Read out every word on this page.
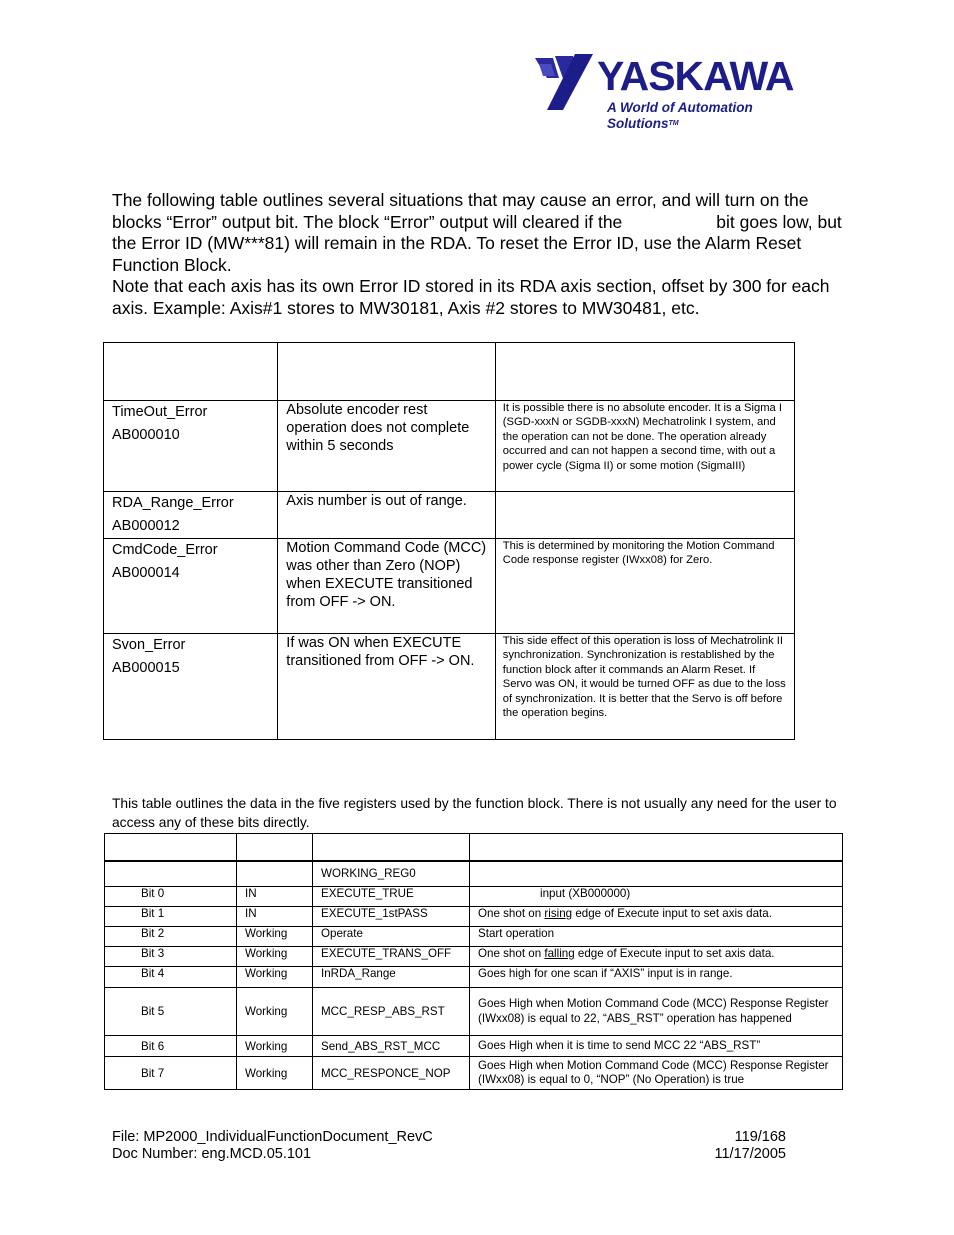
YASKAWA
A World of Automation Solutions™

The following table outlines several situations that may cause an error, and will turn on the blocks “Error” output bit. The block “Error” output will cleared if the	bit goes low, but the Error ID (MW***81) will remain in the RDA. To reset the Error ID, use the Alarm Reset Function Block.

Note that each axis has its own Error ID stored in its RDA axis section, offset by 300 for each axis. Example: Axis#1 stores to MW30181, Axis #2 stores to MW30481, etc.

TimeOut_Error
AB000010	Absolute encoder rest operation does not complete within 5 seconds	It is possible there is no absolute encoder. It is a Sigma I (SGD-xxxN or SGDB-xxxN) Mechatrolink I system, and the operation can not be done. The operation already occurred and can not happen a second time, with out a power cycle (Sigma II) or some motion (SigmaIII)

RDA_Range_Error
AB000012	Axis number is out of range.	

CmdCode_Error
AB000014	Motion Command Code (MCC) was other than Zero (NOP) when EXECUTE transitioned from OFF -> ON.	This is determined by monitoring the Motion Command Code response register (IWxx08) for Zero.

Svon_Error
AB000015	If was ON when EXECUTE transitioned from OFF -> ON.	This side effect of this operation is loss of Mechatrolink II synchronization. Synchronization is restablished by the function block after it commands an Alarm Reset. If Servo was ON, it would be turned OFF as due to the loss of synchronization. It is better that the Servo is off before the operation begins.
This table outlines the data in the five registers used by the function block. There is not usually any need for the user to access any of these bits directly.

		WORKING_REG0	
Bit 0	IN	EXECUTE_TRUE	input (XB000000)
Bit 1	IN	EXECUTE_1stPASS	One shot on rising edge of Execute input to set axis data.
Bit 2	Working	Operate	Start operation
Bit 3	Working	EXECUTE_TRANS_OFF	One shot on falling edge of Execute input to set axis data.
Bit 4	Working	InRDA_Range	Goes high for one scan if “AXIS” input is in range.
Bit 5	Working	MCC_RESP_ABS_RST	Goes High when Motion Command Code (MCC) Response Register (IWxx08) is equal to 22, “ABS_RST” operation has happened
Bit 6	Working	Send_ABS_RST_MCC	Goes High when it is time to send MCC 22 “ABS_RST”
Bit 7	Working	MCC_RESPONCE_NOP	Goes High when Motion Command Code (MCC) Response Register (IWxx08) is equal to 0, “NOP” (No Operation) is true
File: MP2000_IndividualFunctionDocument_RevC	119/168
Doc Number: eng.MCD.05.101	11/17/2005
